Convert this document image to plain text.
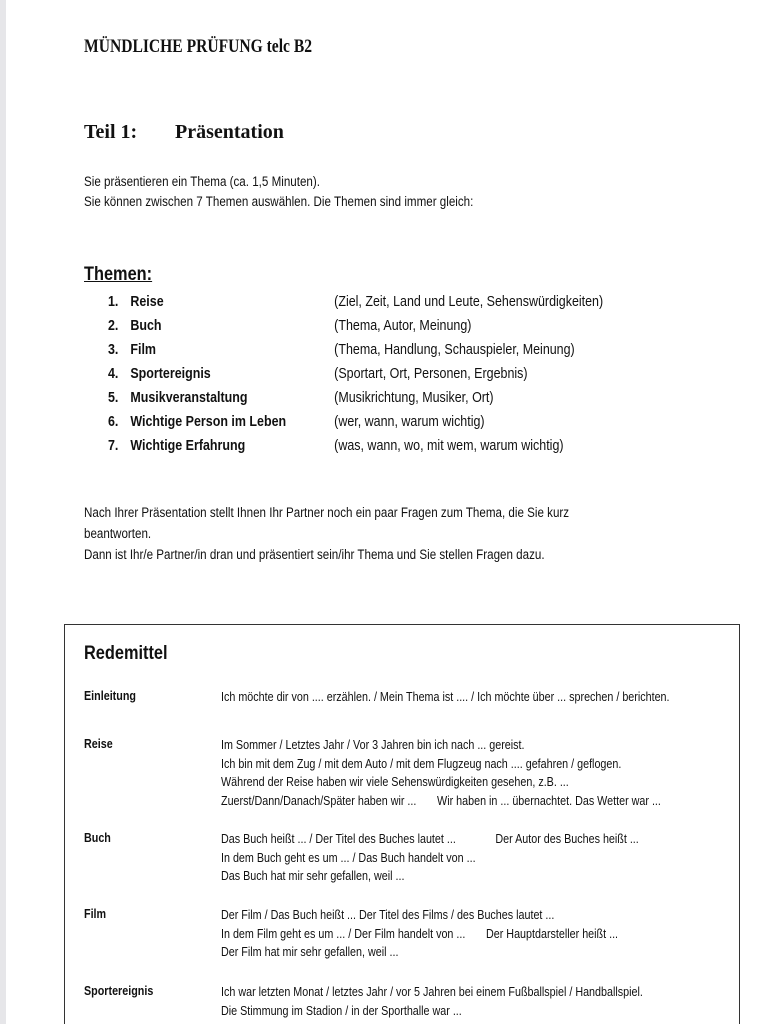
MÜNDLICHE PRÜFUNG telc B2
Teil 1: Präsentation
Sie präsentieren ein Thema (ca. 1,5 Minuten).
Sie können zwischen 7 Themen auswählen. Die Themen sind immer gleich:
Themen:
1. Reise	(Ziel, Zeit, Land und Leute, Sehenswürdigkeiten)
2. Buch	(Thema, Autor, Meinung)
3. Film	(Thema, Handlung, Schauspieler, Meinung)
4. Sportereignis	(Sportart, Ort, Personen, Ergebnis)
5. Musikveranstaltung	(Musikrichtung, Musiker, Ort)
6. Wichtige Person im Leben	(wer, wann, warum wichtig)
7. Wichtige Erfahrung	(was, wann, wo, mit wem, warum wichtig)
Nach Ihrer Präsentation stellt Ihnen Ihr Partner noch ein paar Fragen zum Thema, die Sie kurz
beantworten.
Dann ist Ihr/e Partner/in dran und präsentiert sein/ihr Thema und Sie stellen Fragen dazu.
Redemittel
Einleitung	Ich möchte dir von .... erzählen. / Mein Thema ist .... / Ich möchte über ... sprechen / berichten.
Reise	Im Sommer / Letztes Jahr / Vor 3 Jahren bin ich nach ... gereist.
Ich bin mit dem Zug / mit dem Auto / mit dem Flugzeug nach .... gefahren / geflogen.
Während der Reise haben wir viele Sehenswürdigkeiten gesehen, z.B. ...
Zuerst/Dann/Danach/Später haben wir ... Wir haben in ... übernachtet. Das Wetter war ...
Buch	Das Buch heißt ... / Der Titel des Buches lautet ...	Der Autor des Buches heißt ...
In dem Buch geht es um ... / Das Buch handelt von ...
Das Buch hat mir sehr gefallen, weil ...
Film	Der Film / Das Buch heißt ... Der Titel des Films / des Buches lautet ...
In dem Film geht es um ... / Der Film handelt von ... Der Hauptdarsteller heißt ...
Der Film hat mir sehr gefallen, weil ...
Sportereignis	Ich war letzten Monat / letztes Jahr / vor 5 Jahren bei einem Fußballspiel / Handballspiel.
Die Stimmung im Stadion / in der Sporthalle war ...
